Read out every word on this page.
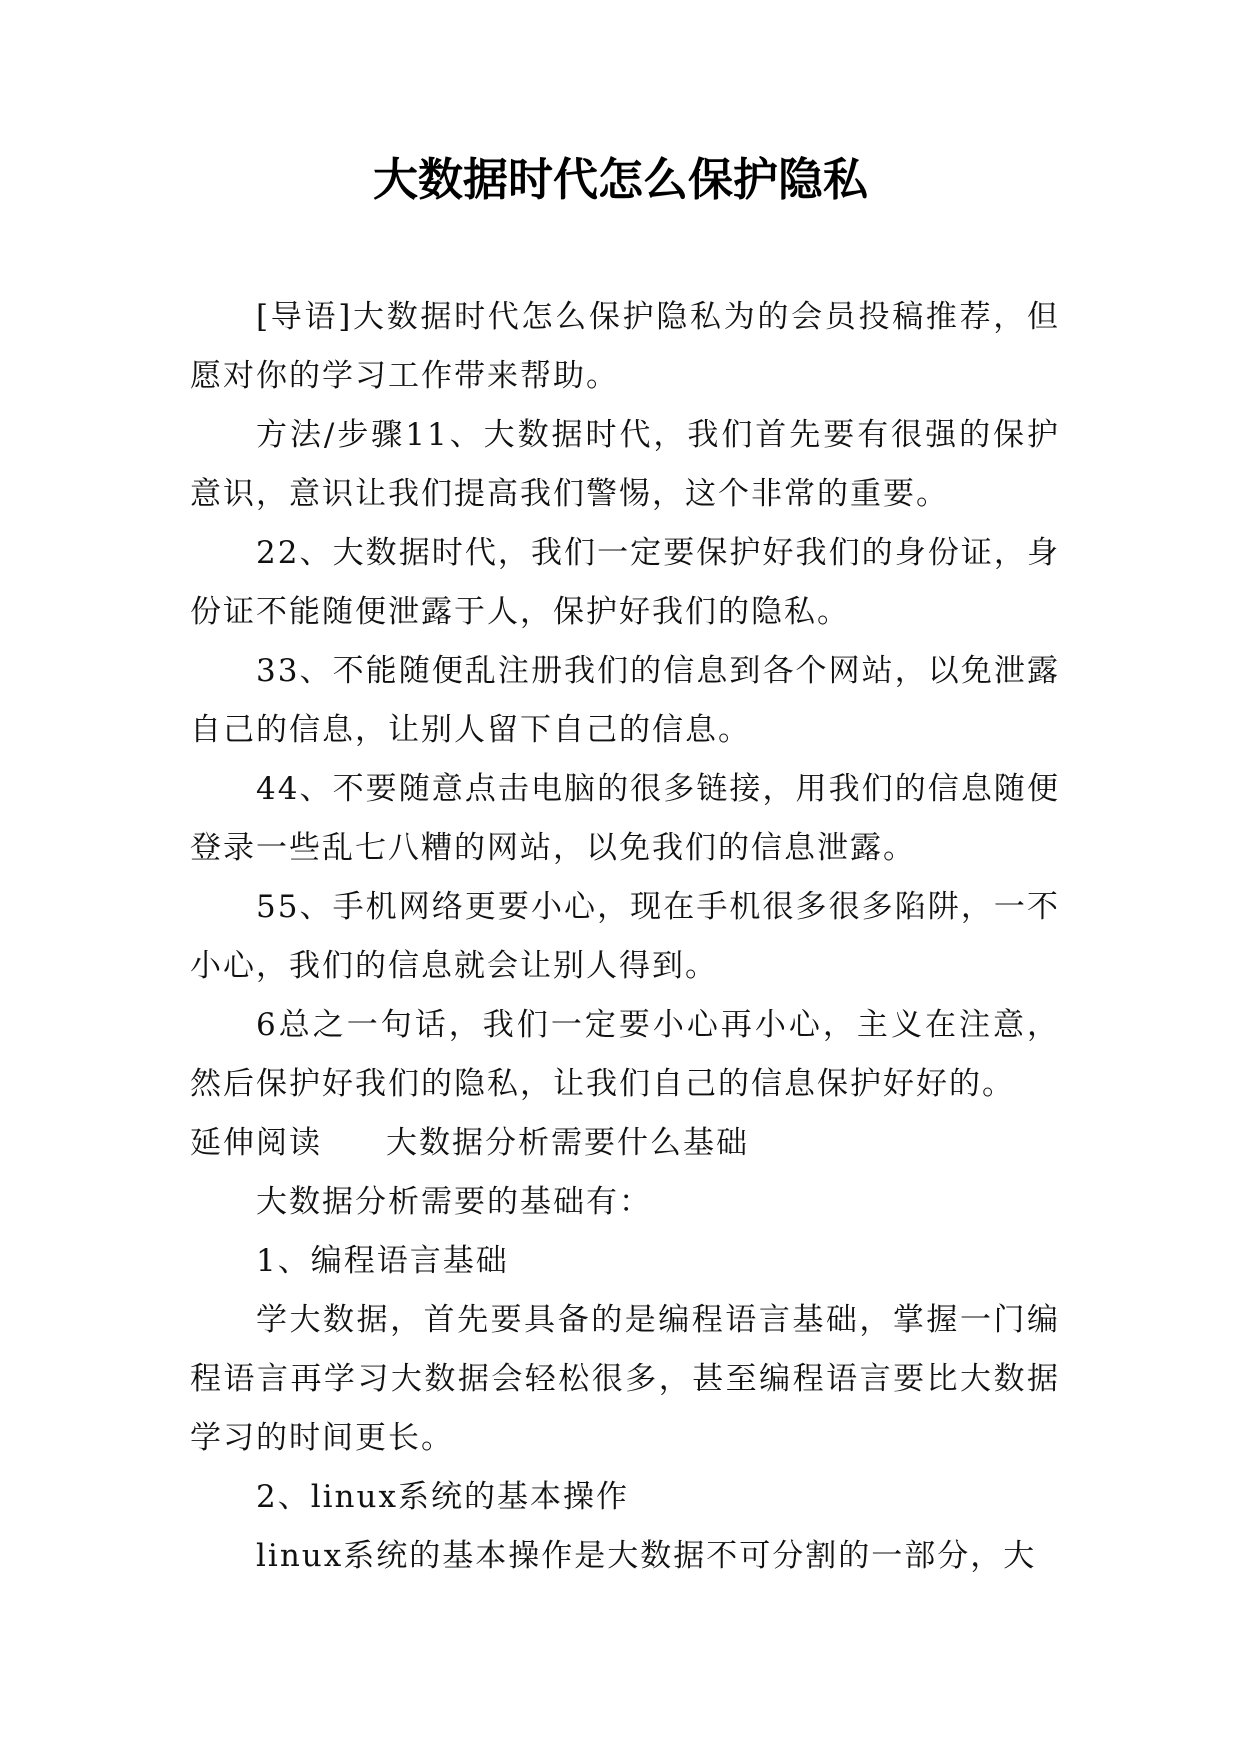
大数据时代怎么保护隐私

[导语]大数据时代怎么保护隐私为的会员投稿推荐，但愿对你的学习工作带来帮助。

方法/步骤11、大数据时代，我们首先要有很强的保护意识，意识让我们提高我们警惕，这个非常的重要。

22、大数据时代，我们一定要保护好我们的身份证，身份证不能随便泄露于人，保护好我们的隐私。

33、不能随便乱注册我们的信息到各个网站，以免泄露自己的信息，让别人留下自己的信息。

44、不要随意点击电脑的很多链接，用我们的信息随便登录一些乱七八糟的网站，以免我们的信息泄露。

55、手机网络更要小心，现在手机很多很多陷阱，一不小心，我们的信息就会让别人得到。

6总之一句话，我们一定要小心再小心，主义在注意，然后保护好我们的隐私，让我们自己的信息保护好好的。

延伸阅读 大数据分析需要什么基础

大数据分析需要的基础有：

1、编程语言基础

学大数据，首先要具备的是编程语言基础，掌握一门编程语言再学习大数据会轻松很多，甚至编程语言要比大数据学习的时间更长。

2、linux系统的基本操作

linux系统的基本操作是大数据不可分割的一部分，大
